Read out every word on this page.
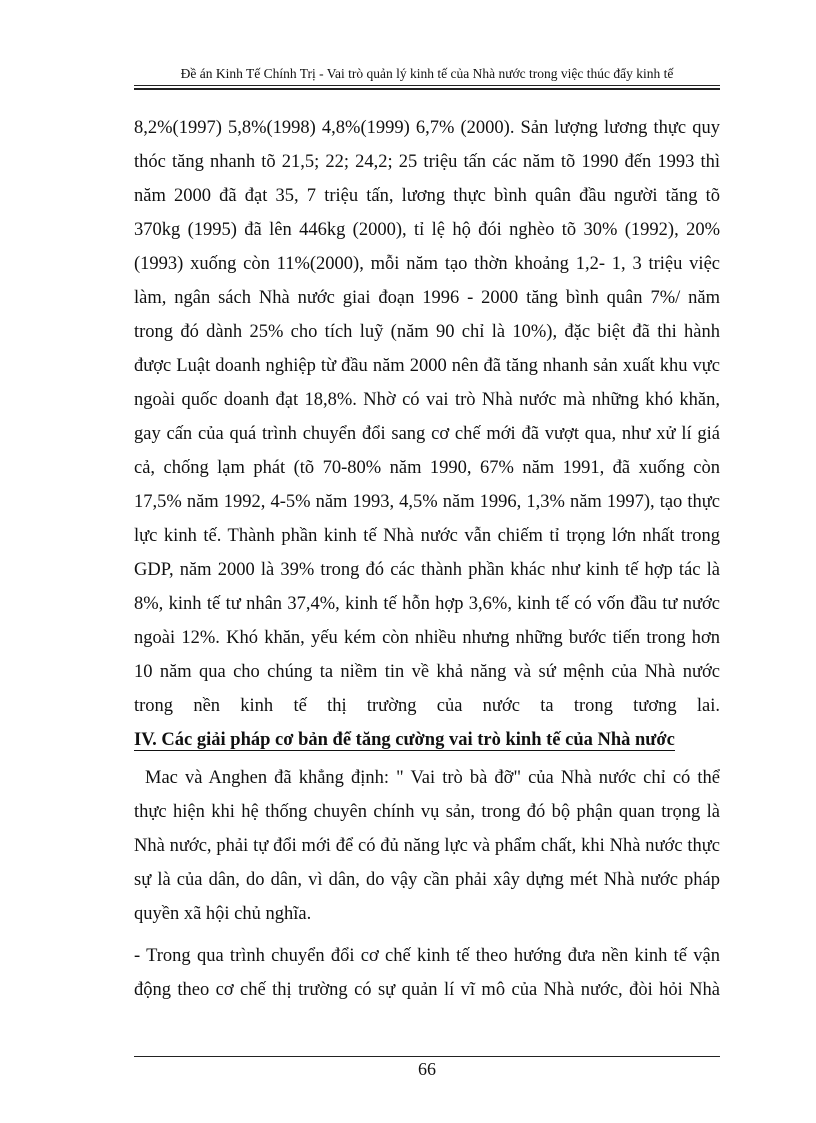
Đề án Kinh Tế Chính Trị - Vai trò quản lý kinh tế của Nhà nước trong việc thúc đẩy kinh tế
8,2%(1997) 5,8%(1998) 4,8%(1999) 6,7% (2000). Sản lượng lương thực quy
thóc tăng nhanh tõ 21,5; 22; 24,2; 25 triệu tấn các năm tõ 1990 đến 1993 thì
năm 2000 đã đạt 35, 7 triệu tấn, lương thực bình quân đầu người tăng tõ
370kg (1995) đã lên 446kg (2000), tỉ lệ hộ đói nghèo tõ 30% (1992), 20%
(1993) xuống còn 11%(2000), mỗi năm tạo thờn khoảng 1,2- 1, 3 triệu việc
làm, ngân sách Nhà nước giai đoạn 1996 - 2000 tăng bình quân 7%/ năm
trong đó dành 25% cho tích luỹ (năm 90 chỉ là 10%), đặc biệt đã thi hành
được Luật doanh nghiệp từ đầu năm 2000 nên đã tăng nhanh sản xuất khu vực
ngoài quốc doanh đạt 18,8%. Nhờ có vai trò Nhà nước mà những khó khăn,
gay cấn của quá trình chuyển đổi sang cơ chế mới đã vượt qua, như xử lí giá
cả, chống lạm phát (tõ 70-80% năm 1990, 67% năm 1991, đã xuống còn
17,5% năm 1992, 4-5% năm 1993, 4,5% năm 1996, 1,3% năm 1997), tạo thực
lực kinh tế. Thành phần kinh tế Nhà nước vẫn chiếm tỉ trọng lớn nhất trong
GDP, năm 2000 là 39% trong đó các thành phần khác như kinh tế hợp tác là
8%, kinh tế tư nhân 37,4%, kinh tế hỗn hợp 3,6%, kinh tế có vốn đầu tư nước
ngoài 12%. Khó khăn, yếu kém còn nhiều nhưng những bước tiến trong hơn
10 năm qua cho chúng ta niềm tin về khả năng và sứ mệnh của Nhà nước
trong nền kinh tế thị trường của nước ta trong tương lai.
IV. Các giải pháp cơ bản để tăng cường vai trò kinh tế của Nhà nước
Mac và Anghen đã khẳng định: " Vai trò bà đỡ" của Nhà nước chỉ có thể
thực hiện khi hệ thống chuyên chính vụ sản, trong đó bộ phận quan trọng là
Nhà nước, phải tự đổi mới để có đủ năng lực và phẩm chất, khi Nhà nước thực
sự là của dân, do dân, vì dân, do vậy cần phải xây dựng mét Nhà nước pháp
quyền xã hội chủ nghĩa.
- Trong qua trình chuyển đổi cơ chế kinh tế theo hướng đưa nền kinh tế vận
động theo cơ chế thị trường có sự quản lí vĩ mô của Nhà nước, đòi hỏi Nhà
66
